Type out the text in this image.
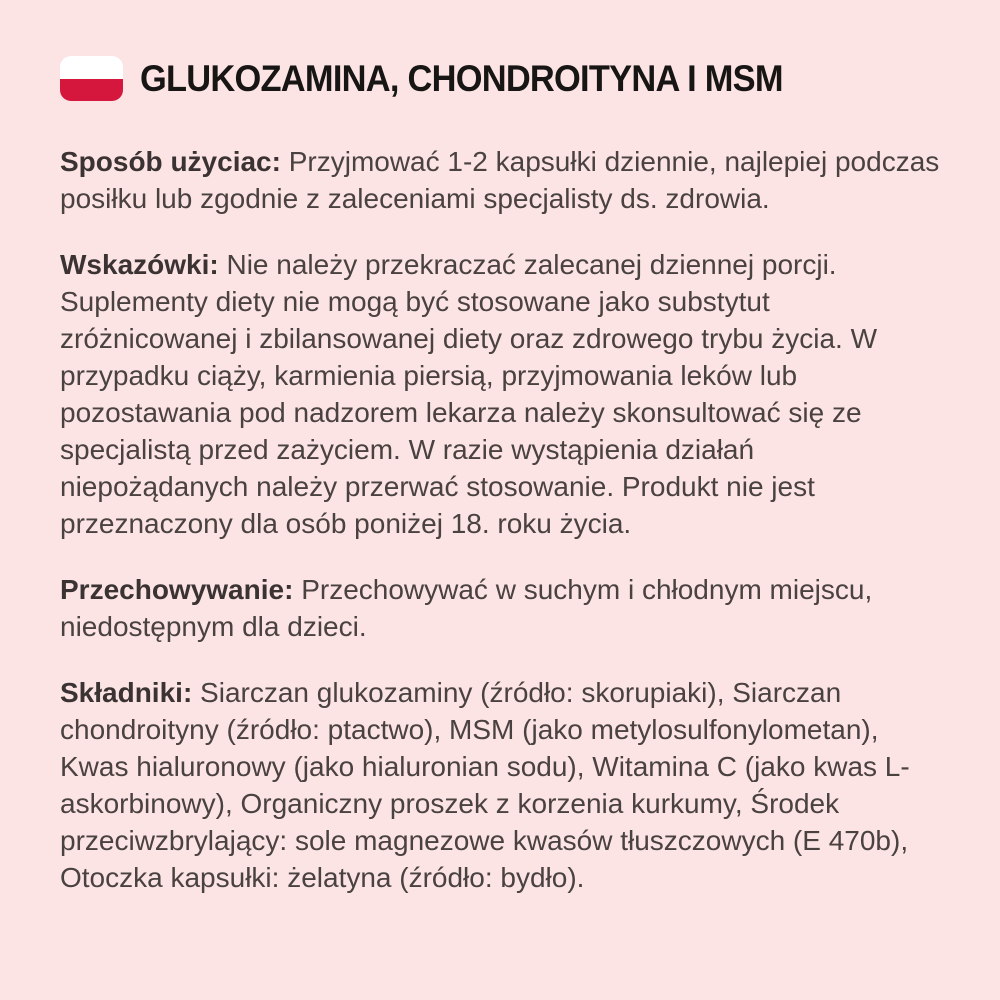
GLUKOZAMINA, CHONDROITYNA I MSM

Sposób użyciac: Przyjmować 1-2 kapsułki dziennie, najlepiej podczas posiłku lub zgodnie z zaleceniami specjalisty ds. zdrowia.

Wskazówki: Nie należy przekraczać zalecanej dziennej porcji. Suplementy diety nie mogą być stosowane jako substytut zróżnicowanej i zbilansowanej diety oraz zdrowego trybu życia. W przypadku ciąży, karmienia piersią, przyjmowania leków lub pozostawania pod nadzorem lekarza należy skonsultować się ze specjalistą przed zażyciem. W razie wystąpienia działań niepożądanych należy przerwać stosowanie. Produkt nie jest przeznaczony dla osób poniżej 18. roku życia.

Przechowywanie: Przechowywać w suchym i chłodnym miejscu, niedostępnym dla dzieci.

Składniki: Siarczan glukozaminy (źródło: skorupiaki), Siarczan chondroityny (źródło: ptactwo), MSM (jako metylosulfonylometan), Kwas hialuronowy (jako hialuronian sodu), Witamina C (jako kwas L-askorbinowy), Organiczny proszek z korzenia kurkumy, Środek przeciwzbrylający: sole magnezowe kwasów tłuszczowych (E 470b), Otoczka kapsułki: żelatyna (źródło: bydło).
